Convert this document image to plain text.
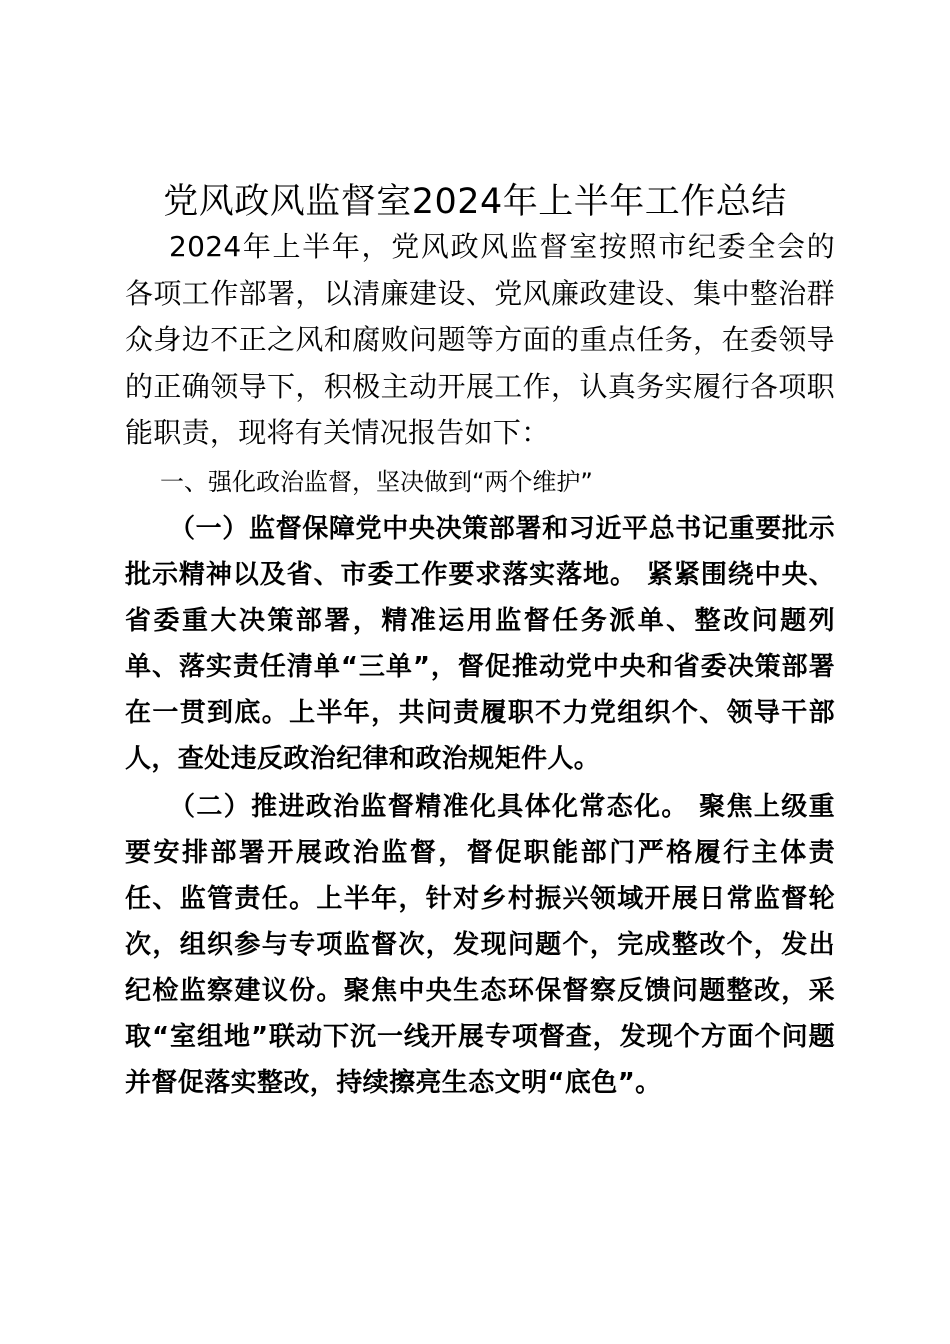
党风政风监督室2024年上半年工作总结

2024年上半年，党风政风监督室按照市纪委全会的各项工作部署，以清廉建设、党风廉政建设、集中整治群众身边不正之风和腐败问题等方面的重点任务，在委领导的正确领导下，积极主动开展工作，认真务实履行各项职能职责，现将有关情况报告如下：

一、强化政治监督，坚决做到“两个维护”

（一）监督保障党中央决策部署和习近平总书记重要批示批示精神以及省、市委工作要求落实落地。 紧紧围绕中央、省委重大决策部署，精准运用监督任务派单、整改问题列单、落实责任清单“三单”，督促推动党中央和省委决策部署在一贯到底。上半年，共问责履职不力党组织个、领导干部人，查处违反政治纪律和政治规矩件人。

（二）推进政治监督精准化具体化常态化。 聚焦上级重要安排部署开展政治监督，督促职能部门严格履行主体责任、监管责任。上半年，针对乡村振兴领域开展日常监督轮次，组织参与专项监督次，发现问题个，完成整改个，发出纪检监察建议份。聚焦中央生态环保督察反馈问题整改，采取“室组地”联动下沉一线开展专项督查，发现个方面个问题并督促落实整改，持续擦亮生态文明“底色”。
